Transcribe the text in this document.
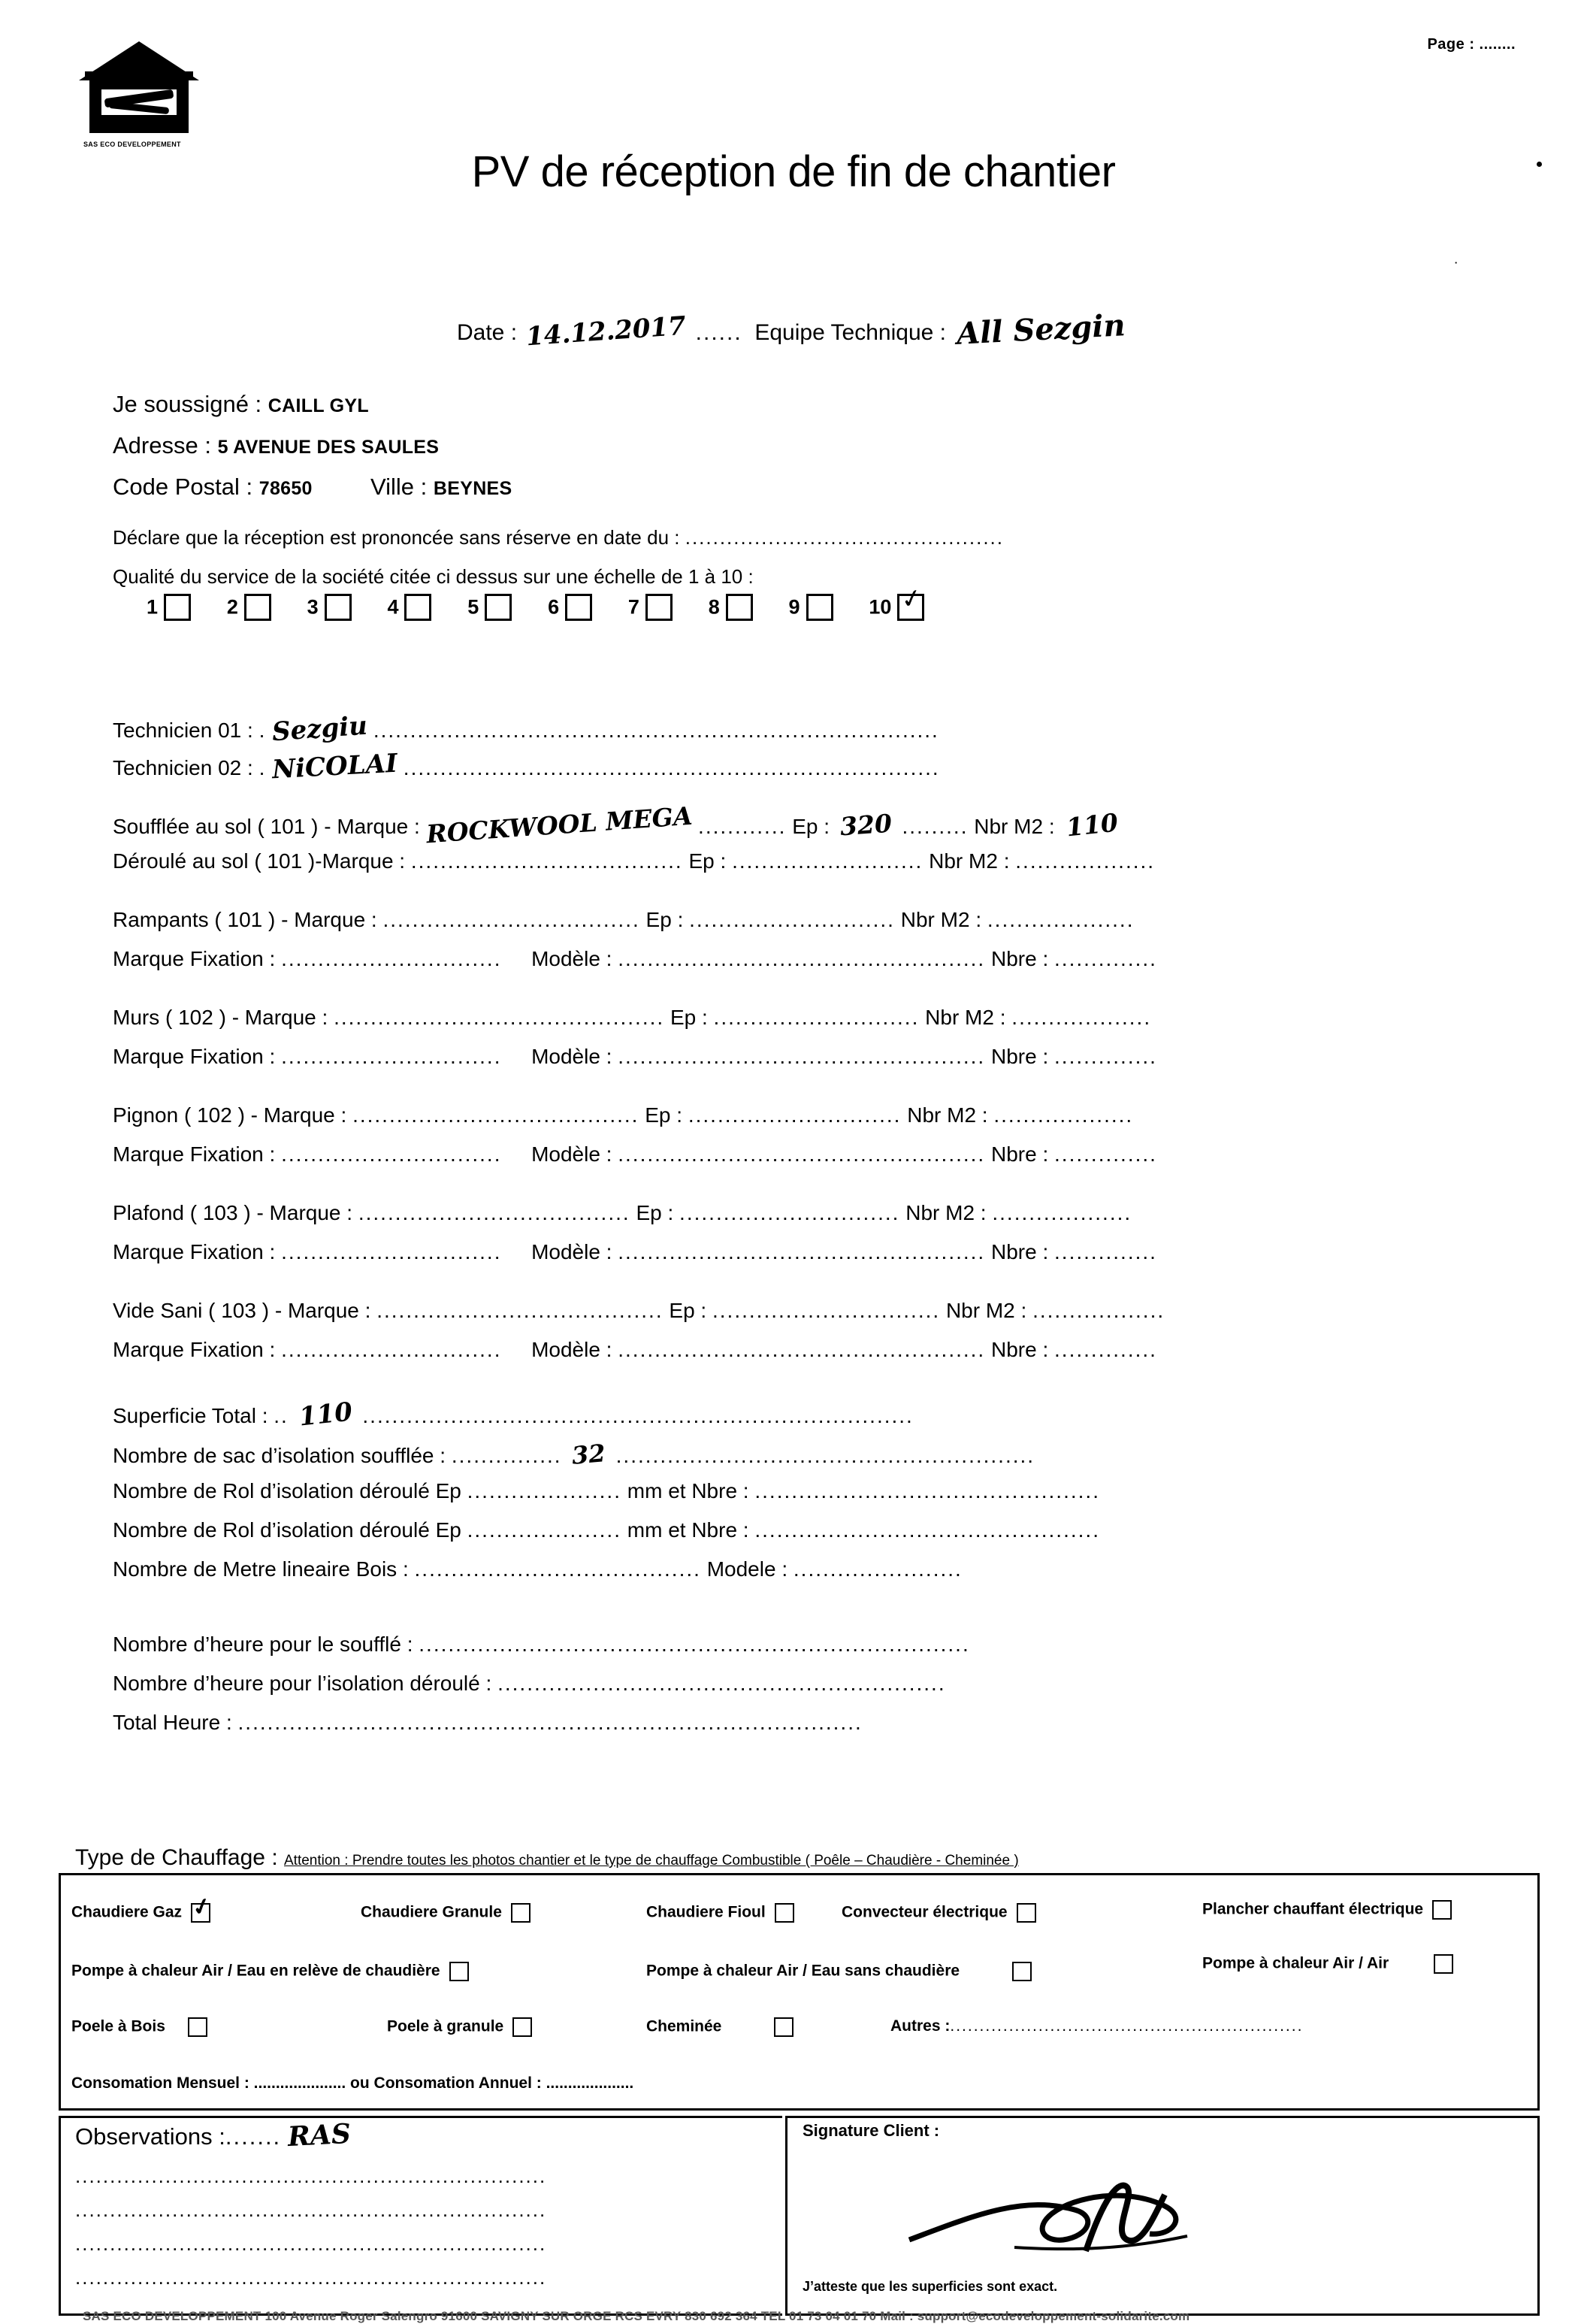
Page : ........
SAS ECO DEVELOPPEMENT
PV de réception de fin de chantier
˙
Date : 14.12.2017 ...... Equipe Technique : All Sezgin
Je soussigné : CAILL GYL
Adresse : 5 AVENUE DES SAULES
Code Postal : 78650 Ville : BEYNES
Déclare que la réception est prononcée sans réserve en date du : ..............................................
Qualité du service de la société citée ci dessus sur une échelle de 1 à 10 :
1	2	3	4	5	6	7	8	9	10 ✓
Technicien 01 : . Sezgiu .............................................................................
Technicien 02 : . NiCOLAI .........................................................................
Soufflée au sol ( 101 ) - Marque : ROCKWOOL MEGA ............ Ep : 320 ......... Nbr M2 : 110
Déroulé au sol ( 101 )-Marque : ..................................... Ep : .......................... Nbr M2 : ...................
Rampants ( 101 ) - Marque : ................................... Ep : ............................ Nbr M2 : ....................
Marque Fixation : .............................. Modèle : .................................................. Nbre : ..............
Murs ( 102 ) - Marque : ............................................. Ep : ............................ Nbr M2 : ...................
Marque Fixation : .............................. Modèle : .................................................. Nbre : ..............
Pignon ( 102 ) - Marque : ....................................... Ep : ............................. Nbr M2 : ...................
Marque Fixation : .............................. Modèle : .................................................. Nbre : ..............
Plafond ( 103 ) - Marque : ..................................... Ep : .............................. Nbr M2 : ...................
Marque Fixation : .............................. Modèle : .................................................. Nbre : ..............
Vide Sani ( 103 ) - Marque : ....................................... Ep : ............................... Nbr M2 : ..................
Marque Fixation : .............................. Modèle : .................................................. Nbre : ..............
Superficie Total : .. 110 ...........................................................................
Nombre de sac d’isolation soufflée : ............... 32 .........................................................
Nombre de Rol d’isolation déroulé Ep ..................... mm et Nbre : ...............................................
Nombre de Rol d’isolation déroulé Ep ..................... mm et Nbre : ...............................................
Nombre de Metre lineaire Bois : ....................................... Modele : .......................
Nombre d’heure pour le soufflé : ...........................................................................
Nombre d’heure pour l’isolation déroulé : .............................................................
Total Heure : .....................................................................................
Type de Chauffage : Attention : Prendre toutes les photos chantier et le type de chauffage Combustible ( Poêle – Chaudière - Cheminée )
Chaudiere Gaz ✓	Chaudiere Granule	Chaudiere Fioul	Convecteur électrique	Plancher chauffant électrique
Pompe à chaleur Air / Eau en relève de chaudière	Pompe à chaleur Air / Eau sans chaudière	Pompe à chaleur Air / Air
Poele à Bois	Poele à granule	Cheminée	Autres :............................................................
Consomation Mensuel : ..................... ou Consomation Annuel : ....................
Observations :....... RAS
....................................................................
....................................................................
....................................................................
....................................................................
Signature Client :
J’atteste que les superficies sont exact.
SAS ECO DEVELOPPEMENT 100 Avenue Roger Salengro 91600 SAVIGNY SUR ORGE RCS EVRY 830 692 364 TEL 01 73 04 01 70 Mail : support@ecodeveloppement-solidarite.com
